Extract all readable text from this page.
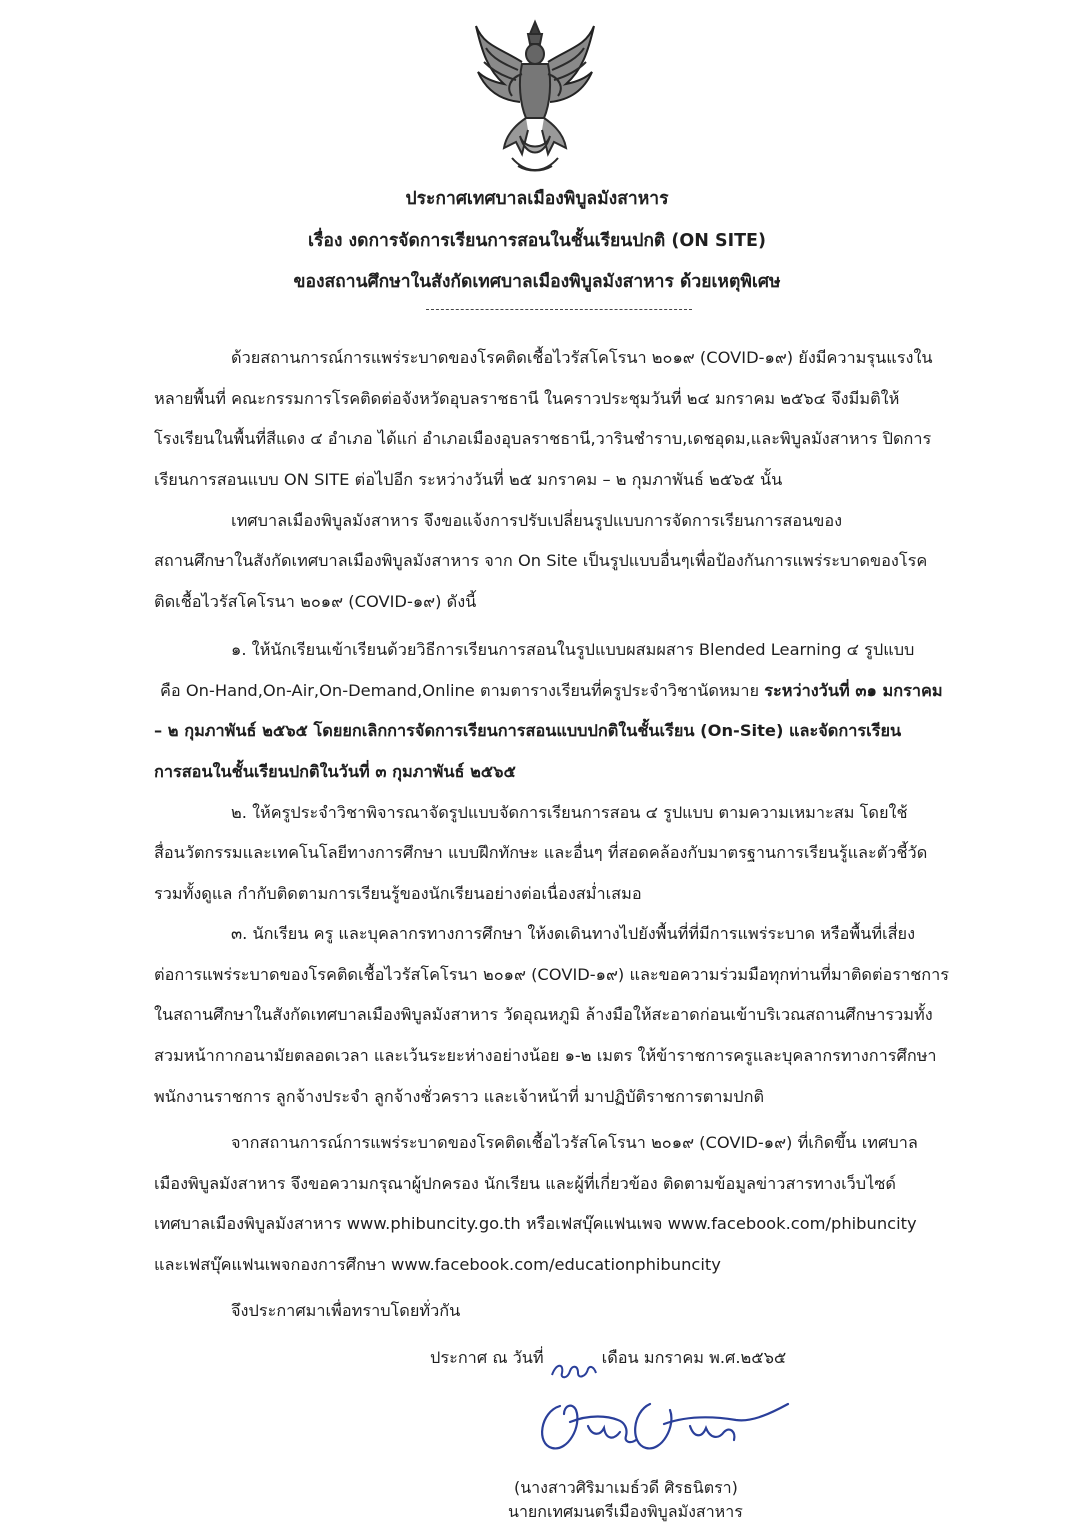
ประกาศเทศบาลเมืองพิบูลมังสาหาร
เรื่อง งดการจัดการเรียนการสอนในชั้นเรียนปกติ (ON SITE)
ของสถานศึกษาในสังกัดเทศบาลเมืองพิบูลมังสาหาร ด้วยเหตุพิเศษ
ด้วยสถานการณ์การแพร่ระบาดของโรคติดเชื้อไวรัสโคโรนา ๒๐๑๙ (COVID-๑๙) ยังมีความรุนแรงใน
หลายพื้นที่ คณะกรรมการโรคติดต่อจังหวัดอุบลราชธานี ในคราวประชุมวันที่ ๒๔ มกราคม ๒๕๖๔ จึงมีมติให้
โรงเรียนในพื้นที่สีแดง ๔ อำเภอ ได้แก่ อำเภอเมืองอุบลราชธานี,วารินชำราบ,เดชอุดม,และพิบูลมังสาหาร ปิดการ
เรียนการสอนแบบ ON SITE ต่อไปอีก ระหว่างวันที่ ๒๕ มกราคม – ๒ กุมภาพันธ์ ๒๕๖๕ นั้น
เทศบาลเมืองพิบูลมังสาหาร จึงขอแจ้งการปรับเปลี่ยนรูปแบบการจัดการเรียนการสอนของ
สถานศึกษาในสังกัดเทศบาลเมืองพิบูลมังสาหาร จาก On Site เป็นรูปแบบอื่นๆเพื่อป้องกันการแพร่ระบาดของโรค
ติดเชื้อไวรัสโคโรนา ๒๐๑๙ (COVID-๑๙) ดังนี้
๑. ให้นักเรียนเข้าเรียนด้วยวิธีการเรียนการสอนในรูปแบบผสมผสาร Blended Learning ๔ รูปแบบ
คือ On-Hand,On-Air,On-Demand,Online ตามตารางเรียนที่ครูประจำวิชานัดหมาย ระหว่างวันที่ ๓๑ มกราคม
– ๒ กุมภาพันธ์ ๒๕๖๕ โดยยกเลิกการจัดการเรียนการสอนแบบปกติในชั้นเรียน (On-Site) และจัดการเรียน
การสอนในชั้นเรียนปกติในวันที่ ๓ กุมภาพันธ์ ๒๕๖๕
๒. ให้ครูประจำวิชาพิจารณาจัดรูปแบบจัดการเรียนการสอน ๔ รูปแบบ ตามความเหมาะสม โดยใช้
สื่อนวัตกรรมและเทคโนโลยีทางการศึกษา แบบฝึกทักษะ และอื่นๆ ที่สอดคล้องกับมาตรฐานการเรียนรู้และตัวชี้วัด
รวมทั้งดูแล กำกับติดตามการเรียนรู้ของนักเรียนอย่างต่อเนื่องสม่ำเสมอ
๓. นักเรียน ครู และบุคลากรทางการศึกษา ให้งดเดินทางไปยังพื้นที่ที่มีการแพร่ระบาด หรือพื้นที่เสี่ยง
ต่อการแพร่ระบาดของโรคติดเชื้อไวรัสโคโรนา ๒๐๑๙ (COVID-๑๙) และขอความร่วมมือทุกท่านที่มาติดต่อราชการ
ในสถานศึกษาในสังกัดเทศบาลเมืองพิบูลมังสาหาร วัดอุณหภูมิ ล้างมือให้สะอาดก่อนเข้าบริเวณสถานศึกษารวมทั้ง
สวมหน้ากากอนามัยตลอดเวลา และเว้นระยะห่างอย่างน้อย ๑-๒ เมตร ให้ข้าราชการครูและบุคลากรทางการศึกษา
พนักงานราชการ ลูกจ้างประจำ ลูกจ้างชั่วคราว และเจ้าหน้าที่ มาปฏิบัติราชการตามปกติ
จากสถานการณ์การแพร่ระบาดของโรคติดเชื้อไวรัสโคโรนา ๒๐๑๙ (COVID-๑๙) ที่เกิดขึ้น เทศบาล
เมืองพิบูลมังสาหาร จึงขอความกรุณาผู้ปกครอง นักเรียน และผู้ที่เกี่ยวข้อง ติดตามข้อมูลข่าวสารทางเว็บไซด์
เทศบาลเมืองพิบูลมังสาหาร www.phibuncity.go.th หรือเฟสบุ๊คแฟนเพจ www.facebook.com/phibuncity
และเฟสบุ๊คแฟนเพจกองการศึกษา www.facebook.com/educationphibuncity
จึงประกาศมาเพื่อทราบโดยทั่วกัน
ประกาศ ณ วันที่	เดือน มกราคม พ.ศ.๒๕๖๕
(นางสาวศิริมาเมธ์วดี ศิรธนิตรา)
นายกเทศมนตรีเมืองพิบูลมังสาหาร
